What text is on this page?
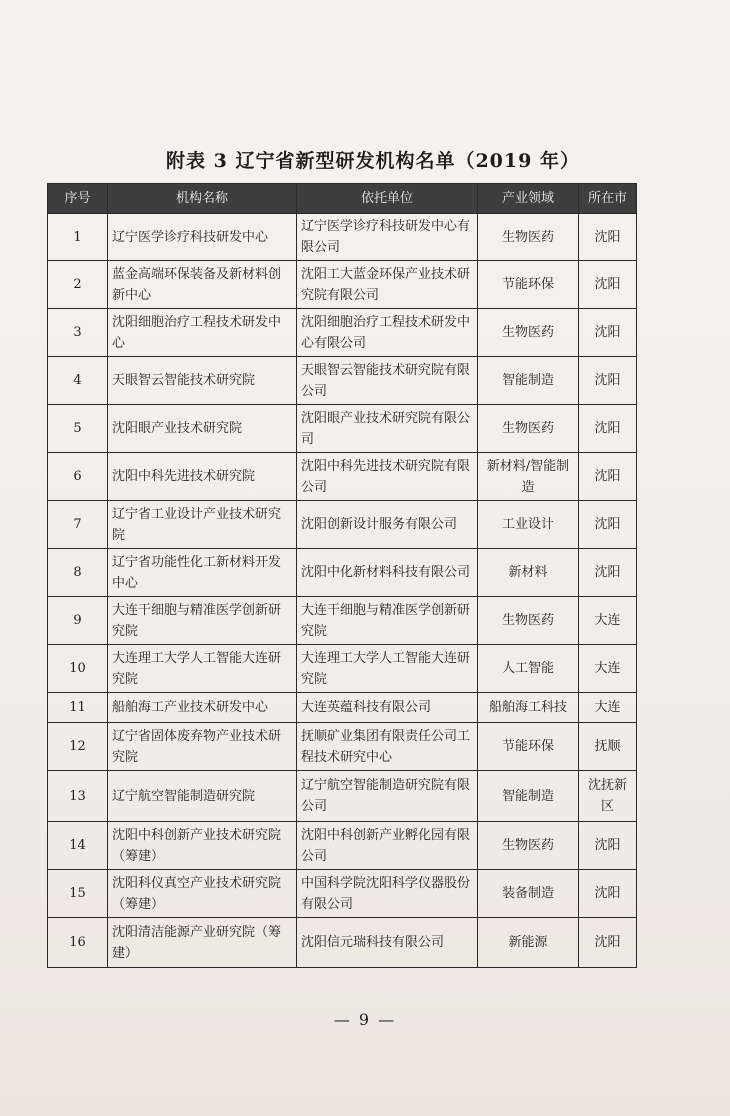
附表 3 辽宁省新型研发机构名单（2019 年）
序号	机构名称	依托单位	产业领域	所在市
1	辽宁医学诊疗科技研发中心	辽宁医学诊疗科技研发中心有限公司	生物医药	沈阳
2	蓝金高端环保装备及新材料创新中心	沈阳工大蓝金环保产业技术研究院有限公司	节能环保	沈阳
3	沈阳细胞治疗工程技术研发中心	沈阳细胞治疗工程技术研发中心有限公司	生物医药	沈阳
4	天眼智云智能技术研究院	天眼智云智能技术研究院有限公司	智能制造	沈阳
5	沈阳眼产业技术研究院	沈阳眼产业技术研究院有限公司	生物医药	沈阳
6	沈阳中科先进技术研究院	沈阳中科先进技术研究院有限公司	新材料/智能制造	沈阳
7	辽宁省工业设计产业技术研究院	沈阳创新设计服务有限公司	工业设计	沈阳
8	辽宁省功能性化工新材料开发中心	沈阳中化新材料科技有限公司	新材料	沈阳
9	大连干细胞与精准医学创新研究院	大连干细胞与精准医学创新研究院	生物医药	大连
10	大连理工大学人工智能大连研究院	大连理工大学人工智能大连研究院	人工智能	大连
11	船舶海工产业技术研发中心	大连英蕴科技有限公司	船舶海工科技	大连
12	辽宁省固体废弃物产业技术研究院	抚顺矿业集团有限责任公司工程技术研究中心	节能环保	抚顺
13	辽宁航空智能制造研究院	辽宁航空智能制造研究院有限公司	智能制造	沈抚新区
14	沈阳中科创新产业技术研究院（筹建）	沈阳中科创新产业孵化园有限公司	生物医药	沈阳
15	沈阳科仪真空产业技术研究院（筹建）	中国科学院沈阳科学仪器股份有限公司	装备制造	沈阳
16	沈阳清洁能源产业研究院（筹建）	沈阳信元瑞科技有限公司	新能源	沈阳
— 9 —
